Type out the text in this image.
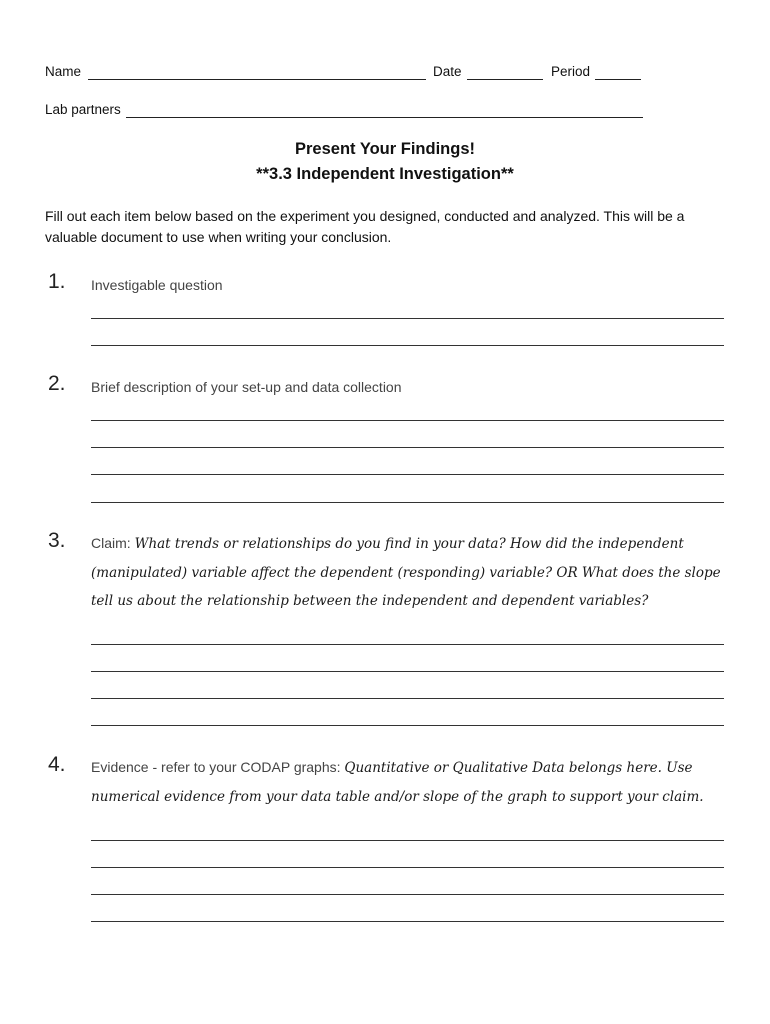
Name	Date	Period
Lab partners
Present Your Findings!
**3.3 Independent Investigation**
Fill out each item below based on the experiment you designed, conducted and analyzed. This will be a valuable document to use when writing your conclusion.
1. Investigable question
2. Brief description of your set-up and data collection
3. Claim: What trends or relationships do you find in your data? How did the independent (manipulated) variable affect the dependent (responding) variable? OR What does the slope tell us about the relationship between the independent and dependent variables?
4. Evidence - refer to your CODAP graphs: Quantitative or Qualitative Data belongs here. Use numerical evidence from your data table and/or slope of the graph to support your claim.
